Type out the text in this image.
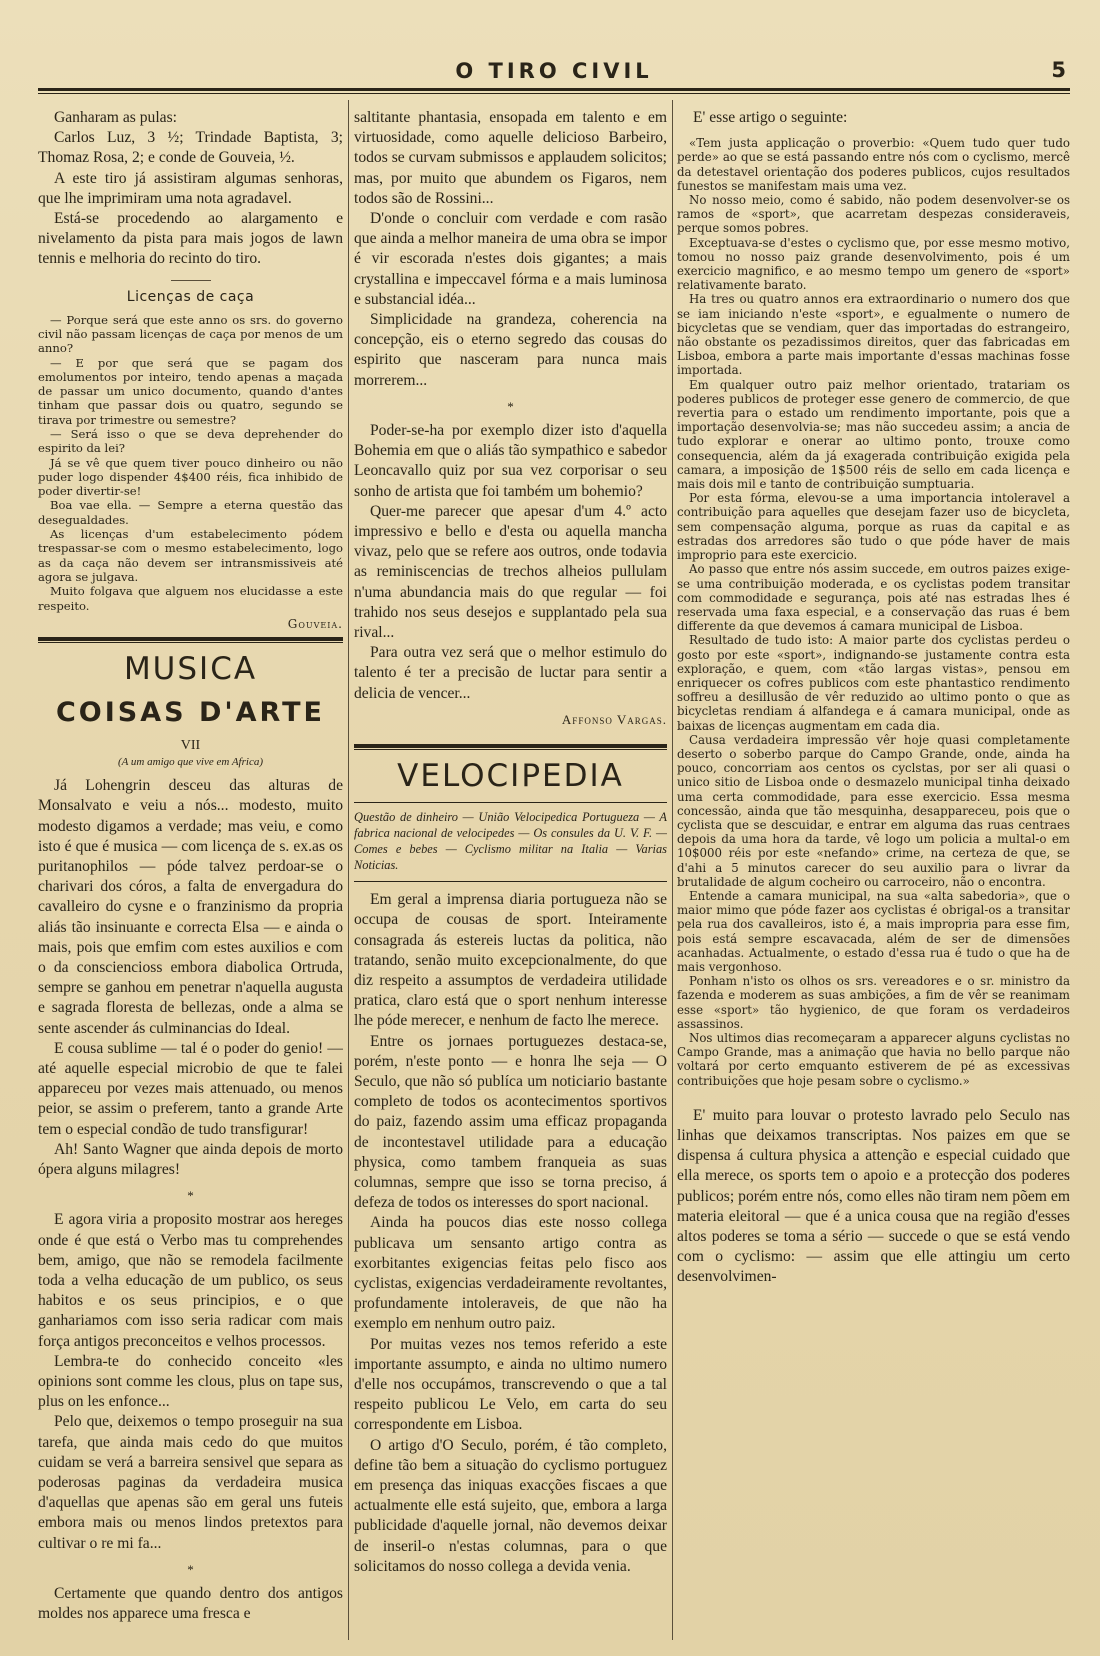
O TIRO CIVIL	5

Ganharam as pulas:

Carlos Luz, 3 ½; Trindade Baptista, 3; Thomaz Rosa, 2; e conde de Gouveia, ½.

A este tiro já assistiram algumas senhoras, que lhe imprimiram uma nota agradavel.

Está-se procedendo ao alargamento e nivelamento da pista para mais jogos de lawn tennis e melhoria do recinto do tiro.

Licenças de caça

— Porque será que este anno os srs. do governo civil não passam licenças de caça por menos de um anno?

— E por que será que se pagam dos emolumentos por inteiro, tendo apenas a maçada de passar um unico documento, quando d'antes tinham que passar dois ou quatro, segundo se tirava por trimestre ou semestre?

— Será isso o que se deva deprehender do espirito da lei?

Já se vê que quem tiver pouco dinheiro ou não puder logo dispender 4$400 réis, fica inhibido de poder divertir-se!

Boa vae ella. — Sempre a eterna questão das desegualdades.

As licenças d'um estabelecimento pódem trespassar-se com o mesmo estabelecimento, logo as da caça não devem ser intransmissiveis até agora se julgava.

Muito folgava que alguem nos elucidasse a este respeito.

Gouveia.
MUSICA
COISAS D'ARTE

VII

(A um amigo que vive em Africa)

Já Lohengrin desceu das alturas de Monsalvato e veiu a nós... modesto, muito modesto digamos a verdade; mas veiu, e como isto é que é musica — com licença de s. ex.as os puritanophilos — póde talvez perdoar-se o charivari dos córos, a falta de envergadura do cavalleiro do cysne e o franzinismo da propria aliás tão insinuante e correcta Elsa — e ainda o mais, pois que emfim com estes auxilios e com o da consciencioss embora diabolica Ortruda, sempre se ganhou em penetrar n'aquella augusta e sagrada floresta de bellezas, onde a alma se sente ascender ás culminancias do Ideal.

E cousa sublime — tal é o poder do genio! — até aquelle especial microbio de que te falei appareceu por vezes mais attenuado, ou menos peior, se assim o preferem, tanto a grande Arte tem o especial condão de tudo transfigurar!

Ah! Santo Wagner que ainda depois de morto ópera alguns milagres!

*

E agora viria a proposito mostrar aos hereges onde é que está o Verbo mas tu comprehendes bem, amigo, que não se remodela facilmente toda a velha educação de um publico, os seus habitos e os seus principios, e o que ganhariamos com isso seria radicar com mais força antigos preconceitos e velhos processos.

Lembra-te do conhecido conceito «les opinions sont comme les clous, plus on tape sus, plus on les enfonce...

Pelo que, deixemos o tempo proseguir na sua tarefa, que ainda mais cedo do que muitos cuidam se verá a barreira sensivel que separa as poderosas paginas da verdadeira musica d'aquellas que apenas são em geral uns futeis embora mais ou menos lindos pretextos para cultivar o re mi fa...

*

Certamente que quando dentro dos antigos moldes nos apparece uma fresca e

saltitante phantasia, ensopada em talento e em virtuosidade, como aquelle delicioso Barbeiro, todos se curvam submissos e applaudem solicitos; mas, por muito que abundem os Figaros, nem todos são de Rossini...

D'onde o concluir com verdade e com rasão que ainda a melhor maneira de uma obra se impor é vir escorada n'estes dois gigantes; a mais crystallina e impeccavel fórma e a mais luminosa e substancial idéa...

Simplicidade na grandeza, coherencia na concepção, eis o eterno segredo das cousas do espirito que nasceram para nunca mais morrerem...

*

Poder-se-ha por exemplo dizer isto d'aquella Bohemia em que o aliás tão sympathico e sabedor Leoncavallo quiz por sua vez corporisar o seu sonho de artista que foi também um bohemio?

Quer-me parecer que apesar d'um 4.º acto impressivo e bello e d'esta ou aquella mancha vivaz, pelo que se refere aos outros, onde todavia as reminiscencias de trechos alheios pullulam n'uma abundancia mais do que regular — foi trahido nos seus desejos e supplantado pela sua rival...

Para outra vez será que o melhor estimulo do talento é ter a precisão de luctar para sentir a delicia de vencer...

Affonso Vargas.
VELOCIPEDIA

Questão de dinheiro — União Velocipedica Portugueza — A fabrica nacional de velocipedes — Os consules da U. V. F. — Comes e bebes — Cyclismo militar na Italia — Varias Noticias.

Em geral a imprensa diaria portugueza não se occupa de cousas de sport. Inteiramente consagrada ás estereis luctas da politica, não tratando, senão muito excepcionalmente, do que diz respeito a assumptos de verdadeira utilidade pratica, claro está que o sport nenhum interesse lhe póde merecer, e nenhum de facto lhe merece.

Entre os jornaes portuguezes destaca-se, porém, n'este ponto — e honra lhe seja — O Seculo, que não só publíca um noticiario bastante completo de todos os acontecimentos sportivos do paiz, fazendo assim uma efficaz propaganda de incontestavel utilidade para a educação physica, como tambem franqueia as suas columnas, sempre que isso se torna preciso, á defeza de todos os interesses do sport nacional.

Ainda ha poucos dias este nosso collega publicava um sensanto artigo contra as exorbitantes exigencias feitas pelo fisco aos cyclistas, exigencias verdadeiramente revoltantes, profundamente intoleraveis, de que não ha exemplo em nenhum outro paiz.

Por muitas vezes nos temos referido a este importante assumpto, e ainda no ultimo numero d'elle nos occupámos, transcrevendo o que a tal respeito publicou Le Velo, em carta do seu correspondente em Lisboa.

O artigo d'O Seculo, porém, é tão completo, define tão bem a situação do cyclismo portuguez em presença das iniquas exacções fiscaes a que actualmente elle está sujeito, que, embora a larga publicidade d'aquelle jornal, não devemos deixar de inseril-o n'estas columnas, para o que solicitamos do nosso collega a devida venia.

E' esse artigo o seguinte:

«Tem justa applicação o proverbio: «Quem tudo quer tudo perde» ao que se está passando entre nós com o cyclismo, mercê da detestavel orientação dos poderes publicos, cujos resultados funestos se manifestam mais uma vez.

No nosso meio, como é sabido, não podem desenvolver-se os ramos de «sport», que acarretam despezas consideraveis, perque somos pobres.

Exceptuava-se d'estes o cyclismo que, por esse mesmo motivo, tomou no nosso paiz grande desenvolvimento, pois é um exercicio magnifico, e ao mesmo tempo um genero de «sport» relativamente barato.

Ha tres ou quatro annos era extraordinario o numero dos que se iam iniciando n'este «sport», e egualmente o numero de bicycletas que se vendiam, quer das importadas do estrangeiro, não obstante os pezadissimos direitos, quer das fabricadas em Lisboa, embora a parte mais importante d'essas machinas fosse importada.

Em qualquer outro paiz melhor orientado, tratariam os poderes publicos de proteger esse genero de commercio, de que revertia para o estado um rendimento importante, pois que a importação desenvolvia-se; mas não succedeu assim; a ancia de tudo explorar e onerar ao ultimo ponto, trouxe como consequencia, além da já exagerada contribuição exigida pela camara, a imposição de 1$500 réis de sello em cada licença e mais dois mil e tanto de contribuição sumptuaria.

Por esta fórma, elevou-se a uma importancia intoleravel a contribuição para aquelles que desejam fazer uso de bicycleta, sem compensação alguma, porque as ruas da capital e as estradas dos arredores são tudo o que póde haver de mais improprio para este exercicio.

Ao passo que entre nós assim succede, em outros paizes exige-se uma contribuição moderada, e os cyclistas podem transitar com commodidade e segurança, pois até nas estradas lhes é reservada uma faxa especial, e a conservação das ruas é bem differente da que devemos á camara municipal de Lisboa.

Resultado de tudo isto: A maior parte dos cyclistas perdeu o gosto por este «sport», indignando-se justamente contra esta exploração, e quem, com «tão largas vistas», pensou em enriquecer os cofres publicos com este phantastico rendimento soffreu a desillusão de vêr reduzido ao ultimo ponto o que as bicycletas rendiam á alfandega e á camara municipal, onde as baixas de licenças augmentam em cada dia.

Causa verdadeira impressão vêr hoje quasi completamente deserto o soberbo parque do Campo Grande, onde, ainda ha pouco, concorriam aos centos os cyclstas, por ser ali quasi o unico sitio de Lisboa onde o desmazelo municipal tinha deixado uma certa commodidade, para esse exercicio. Essa mesma concessão, ainda que tão mesquinha, desappareceu, pois que o cyclista que se descuidar, e entrar em alguma das ruas centraes depois da uma hora da tarde, vê logo um policia a multal-o em 10$000 réis por este «nefando» crime, na certeza de que, se d'ahi a 5 minutos carecer do seu auxilio para o livrar da brutalidade de algum cocheiro ou carroceiro, não o encontra.

Entende a camara municipal, na sua «alta sabedoria», que o maior mimo que póde fazer aos cyclistas é obrigal-os a transitar pela rua dos cavalleiros, isto é, a mais impropria para esse fim, pois está sempre escavacada, além de ser de dimensões acanhadas. Actualmente, o estado d'essa rua é tudo o que ha de mais vergonhoso.

Ponham n'isto os olhos os srs. vereadores e o sr. ministro da fazenda e moderem as suas ambições, a fim de vêr se reanimam esse «sport» tão hygienico, de que foram os verdadeiros assassinos.

Nos ultimos dias recomeçaram a apparecer alguns cyclistas no Campo Grande, mas a animação que havia no bello parque não voltará por certo emquanto estiverem de pé as excessivas contribuições que hoje pesam sobre o cyclismo.»

E' muito para louvar o protesto lavrado pelo Seculo nas linhas que deixamos transcriptas. Nos paizes em que se dispensa á cultura physica a attenção e especial cuidado que ella merece, os sports tem o apoio e a protecção dos poderes publicos; porém entre nós, como elles não tiram nem põem em materia eleitoral — que é a unica cousa que na região d'esses altos poderes se toma a sério — succede o que se está vendo com o cyclismo: — assim que elle attingiu um certo desenvolvimen-
